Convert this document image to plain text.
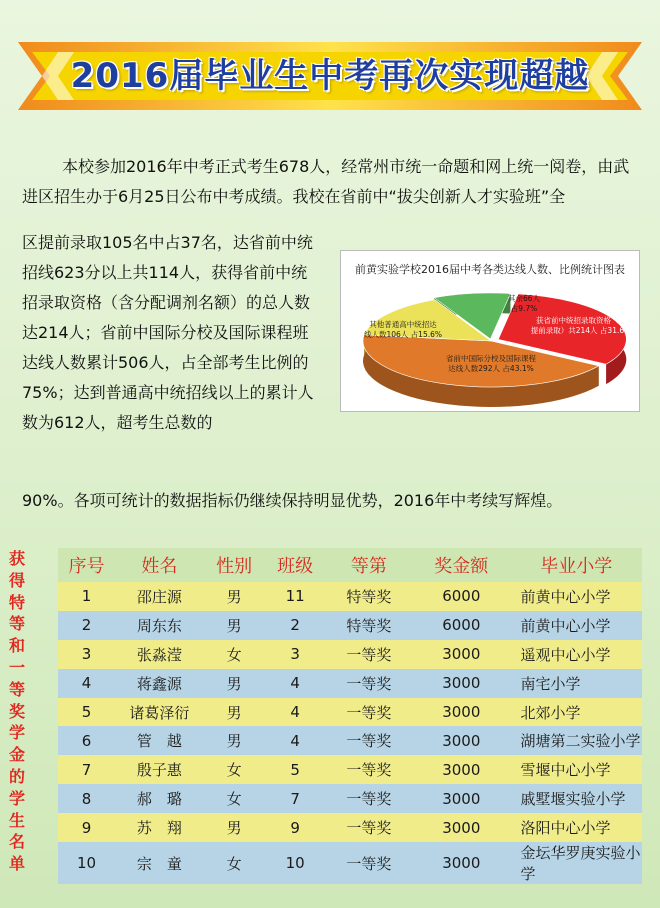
2016届毕业生中考再次实现超越
本校参加2016年中考正式考生678人，经常州市统一命题和网上统一阅卷，由武进区招生办于6月25日公布中考成绩。我校在省前中“拔尖创新人才实验班”全
区提前录取105名中占37名，达省前中统招线623分以上共114人，获得省前中统招录取资格（含分配调剂名额）的总人数达214人；省前中国际分校及国际课程班达线人数累计506人，占全部考生比例的75%；达到普通高中统招线以上的累计人数为612人，超考生总数的
90%。各项可统计的数据指标仍继续保持明显优势，2016年中考续写辉煌。
前黄实验学校2016届中考各类达线人数、比例统计图表
获省前中统招录取资格（含
提前录取）共214人 占31.6%
省前中国际分校及国际课程
达线人数292人 占43.1%
其他普通高中统招达
线人数106人 占15.6%
其余66人
占9.7%
获得特等和一等奖学金的学生名单
序号	姓名	性别	班级	等第	奖金额	毕业小学
1	邵庄源	男	11	特等奖	6000	前黄中心小学
2	周东东	男	2	特等奖	6000	前黄中心小学
3	张淼滢	女	3	一等奖	3000	遥观中心小学
4	蒋鑫源	男	4	一等奖	3000	南宅小学
5	诸葛泽衍	男	4	一等奖	3000	北郊小学
6	管　越	男	4	一等奖	3000	湖塘第二实验小学
7	殷子惠	女	5	一等奖	3000	雪堰中心小学
8	郝　璐	女	7	一等奖	3000	戚墅堰实验小学
9	苏　翔	男	9	一等奖	3000	洛阳中心小学
10	宗　童	女	10	一等奖	3000	金坛华罗庚实验小学
